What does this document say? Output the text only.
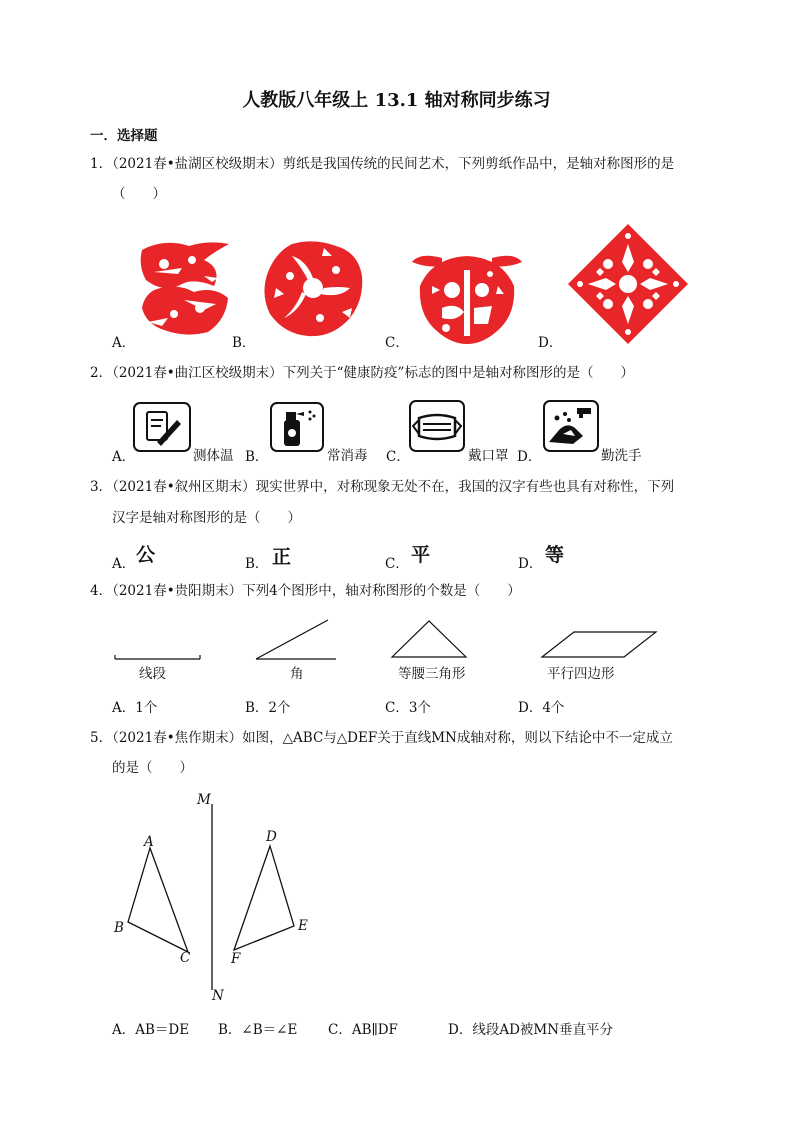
人教版八年级上 13.1 轴对称同步练习
一．选择题
1．（2021春•盐湖区校级期末）剪纸是我国传统的民间艺术，下列剪纸作品中，是轴对称图形的是
（　　）
A．	B．	C．	D．
2．（2021春•曲江区校级期末）下列关于“健康防疫”标志的图中是轴对称图形的是（　　）
A．	测体温 B．	常消毒 C．	戴口罩 D．	勤洗手
3．（2021春•叙州区期末）现实世界中，对称现象无处不在，我国的汉字有些也具有对称性，下列
汉字是轴对称图形的是（　　）
A． 公	B． 正	C． 平	D． 等
4．（2021春•贵阳期末）下列4个图形中，轴对称图形的个数是（　　）
线段	角	等腰三角形	平行四边形
A．1个	B．2个	C．3个	D．4个
5．（2021春•焦作期末）如图，△ABC与△DEF关于直线MN成轴对称，则以下结论中不一定成立
的是（　　）
M
N
A
B
C
D
E
F
A．AB＝DE B．∠B＝∠E C．AB∥DF	D．线段AD被MN垂直平分
